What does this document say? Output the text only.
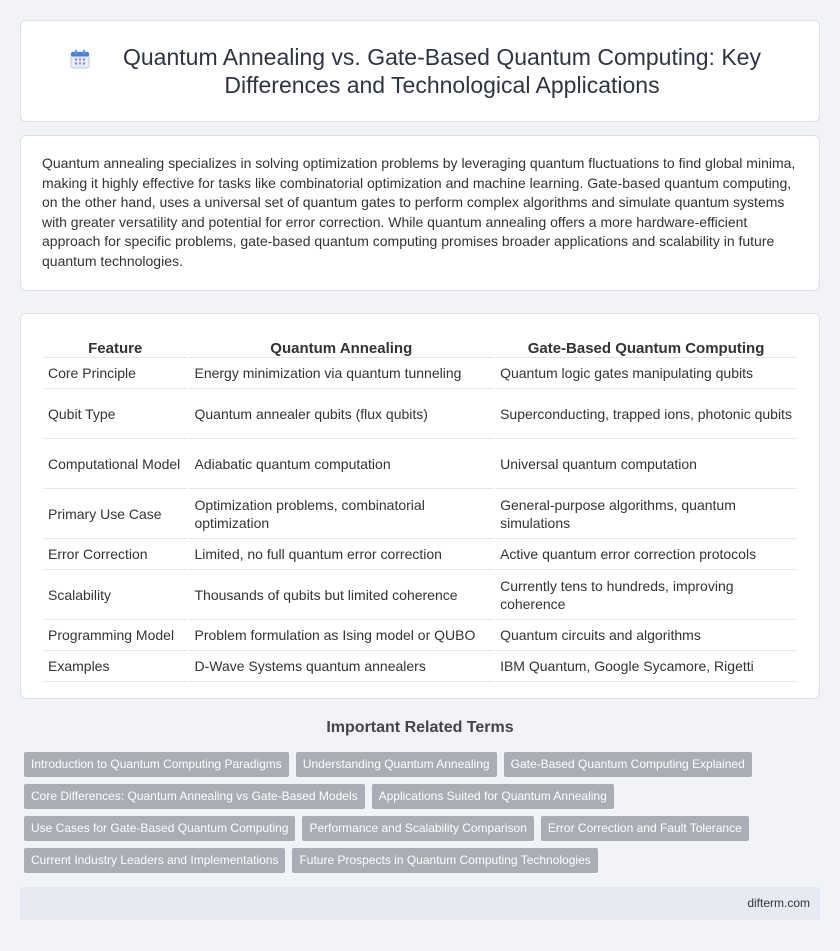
Quantum Annealing vs. Gate-Based Quantum Computing: Key Differences and Technological Applications

Quantum annealing specializes in solving optimization problems by leveraging quantum fluctuations to find global minima, making it highly effective for tasks like combinatorial optimization and machine learning. Gate-based quantum computing, on the other hand, uses a universal set of quantum gates to perform complex algorithms and simulate quantum systems with greater versatility and potential for error correction. While quantum annealing offers a more hardware-efficient approach for specific problems, gate-based quantum computing promises broader applications and scalability in future quantum technologies.

Feature	Quantum Annealing	Gate-Based Quantum Computing
Core Principle	Energy minimization via quantum tunneling	Quantum logic gates manipulating qubits
Qubit Type	Quantum annealer qubits (flux qubits)	Superconducting, trapped ions, photonic qubits
Computational Model	Adiabatic quantum computation	Universal quantum computation
Primary Use Case	Optimization problems, combinatorial optimization	General-purpose algorithms, quantum simulations
Error Correction	Limited, no full quantum error correction	Active quantum error correction protocols
Scalability	Thousands of qubits but limited coherence	Currently tens to hundreds, improving coherence
Programming Model	Problem formulation as Ising model or QUBO	Quantum circuits and algorithms
Examples	D-Wave Systems quantum annealers	IBM Quantum, Google Sycamore, Rigetti
Important Related Terms
Introduction to Quantum Computing Paradigms	Understanding Quantum Annealing	Gate-Based Quantum Computing Explained
Core Differences: Quantum Annealing vs Gate-Based Models	Applications Suited for Quantum Annealing
Use Cases for Gate-Based Quantum Computing	Performance and Scalability Comparison	Error Correction and Fault Tolerance
Current Industry Leaders and Implementations	Future Prospects in Quantum Computing Technologies
difterm.com
